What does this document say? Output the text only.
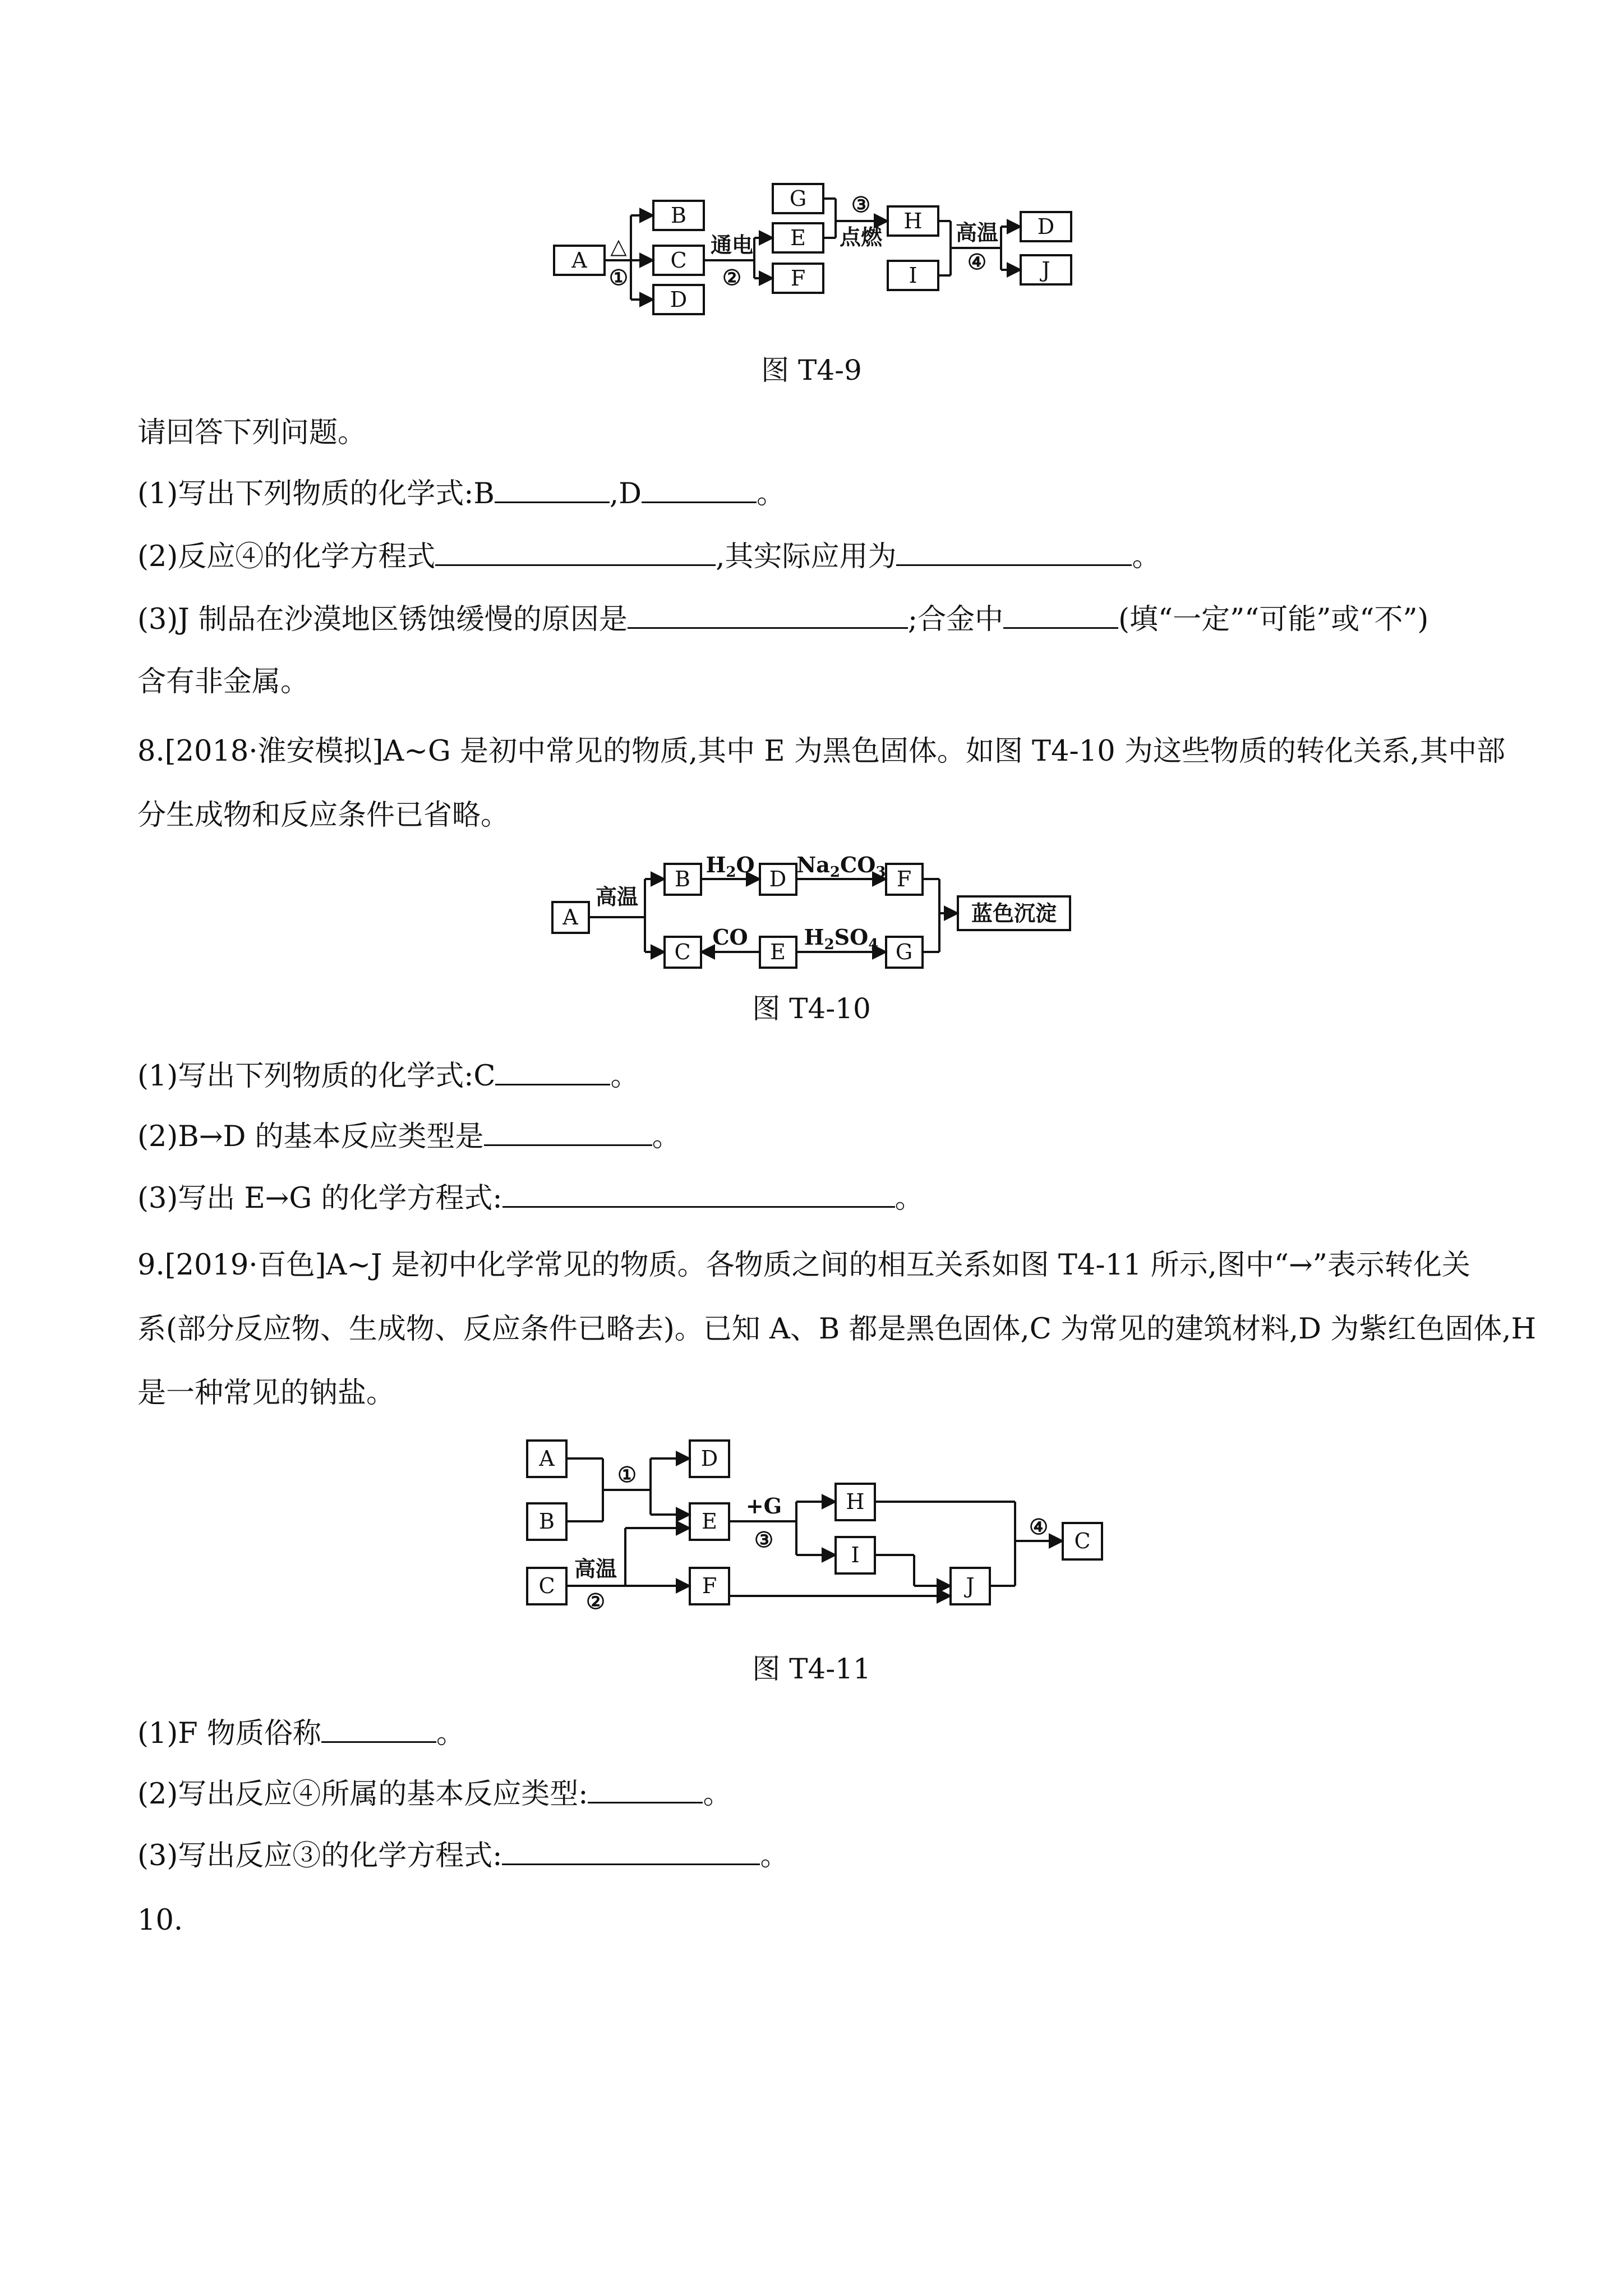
A
B
C
D
G
E
F
H
I
D
J
△
①
通电
②
③
点燃	高温
④
图 T4-9
请回答下列问题。
(1)写出下列物质的化学式:B	,D	。
(2)反应④的化学方程式	,其实际应用为	。
(3)J 制品在沙漠地区锈蚀缓慢的原因是	;合金中	(填“一定”“可能”或“不”)
含有非金属。
8.[2018·淮安模拟]A~G 是初中常见的物质,其中 E 为黑色固体。如图 T4-10 为这些物质的转化关系,其中部
分生成物和反应条件已省略。
A
B	D	F
C	E	G
蓝色沉淀
高温
$H_2O$ $Na_2CO_3$
CO	$H_2SO_4$
图 T4-10
(1)写出下列物质的化学式:C	。
(2)B→D 的基本反应类型是	。
(3)写出 E→G 的化学方程式:	。
9.[2019·百色]A~J 是初中化学常见的物质。各物质之间的相互关系如图 T4-11 所示,图中“→”表示转化关
系(部分反应物、生成物、反应条件已略去)。已知 A、B 都是黑色固体,C 为常见的建筑材料,D 为紫红色固体,H
是一种常见的钠盐。
A
B
C
D
E
F
H
I
J
C
①
高温
②
+G
③
④
图 T4-11
(1)F 物质俗称	。
(2)写出反应④所属的基本反应类型:	。
(3)写出反应③的化学方程式:	。
10.
